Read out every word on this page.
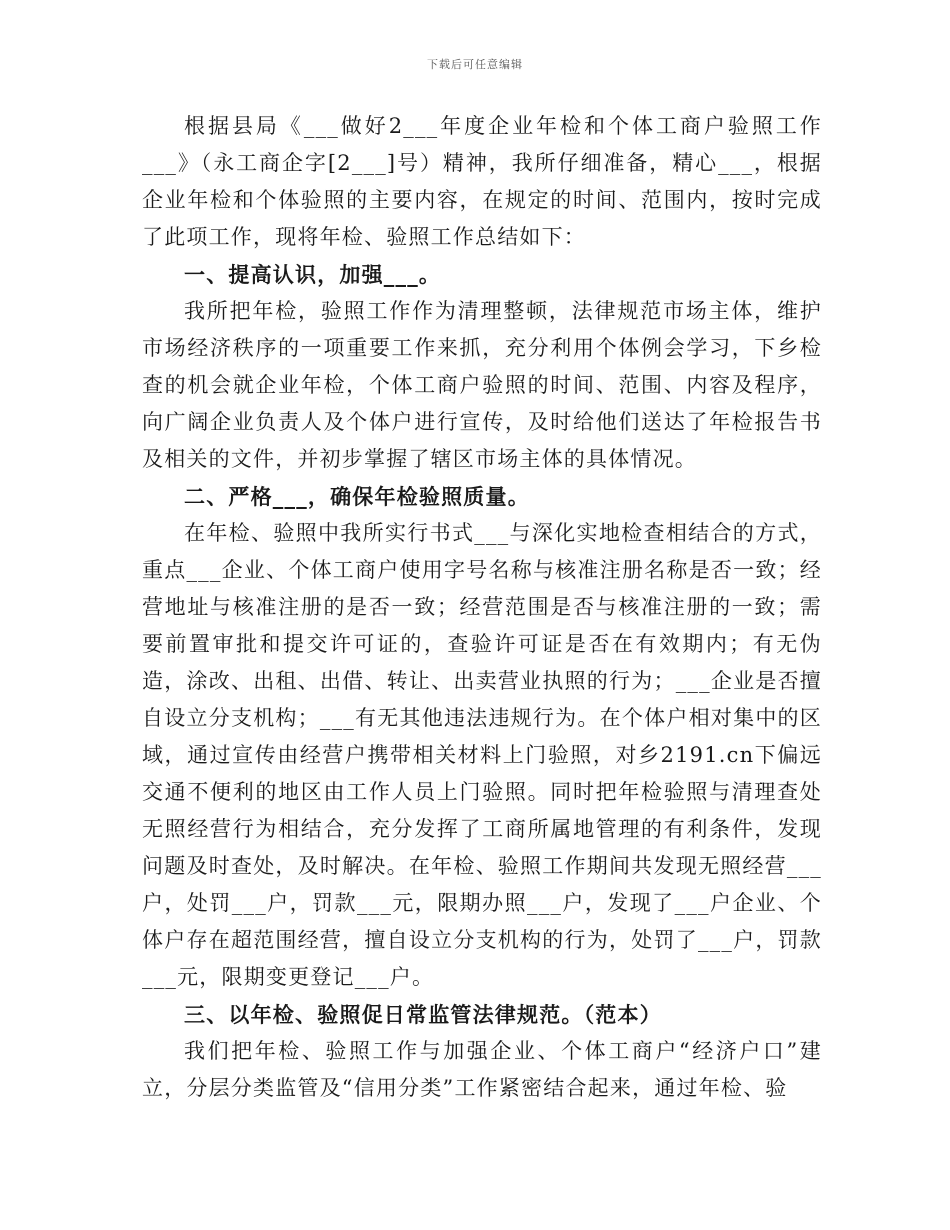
下载后可任意编辑

根据县局《___做好2___年度企业年检和个体工商户验照工作___》（永工商企字[2___]号）精神，我所仔细准备，精心___，根据企业年检和个体验照的主要内容，在规定的时间、范围内，按时完成了此项工作，现将年检、验照工作总结如下：

一、提高认识，加强___。

我所把年检，验照工作作为清理整顿，法律规范市场主体，维护市场经济秩序的一项重要工作来抓，充分利用个体例会学习，下乡检查的机会就企业年检，个体工商户验照的时间、范围、内容及程序，向广阔企业负责人及个体户进行宣传，及时给他们送达了年检报告书及相关的文件，并初步掌握了辖区市场主体的具体情况。

二、严格___，确保年检验照质量。

在年检、验照中我所实行书式___与深化实地检查相结合的方式，重点___企业、个体工商户使用字号名称与核准注册名称是否一致；经营地址与核准注册的是否一致；经营范围是否与核准注册的一致；需要前置审批和提交许可证的，查验许可证是否在有效期内；有无伪造，涂改、出租、出借、转让、出卖营业执照的行为；___企业是否擅自设立分支机构；___有无其他违法违规行为。在个体户相对集中的区域，通过宣传由经营户携带相关材料上门验照，对乡2191.cn下偏远交通不便利的地区由工作人员上门验照。同时把年检验照与清理查处无照经营行为相结合，充分发挥了工商所属地管理的有利条件，发现问题及时查处，及时解决。在年检、验照工作期间共发现无照经营___户，处罚___户，罚款___元，限期办照___户，发现了___户企业、个体户存在超范围经营，擅自设立分支机构的行为，处罚了___户，罚款___元，限期变更登记___户。

三、以年检、验照促日常监管法律规范。（范本）

我们把年检、验照工作与加强企业、个体工商户“经济户口”建立，分层分类监管及“信用分类”工作紧密结合起来，通过年检、验
